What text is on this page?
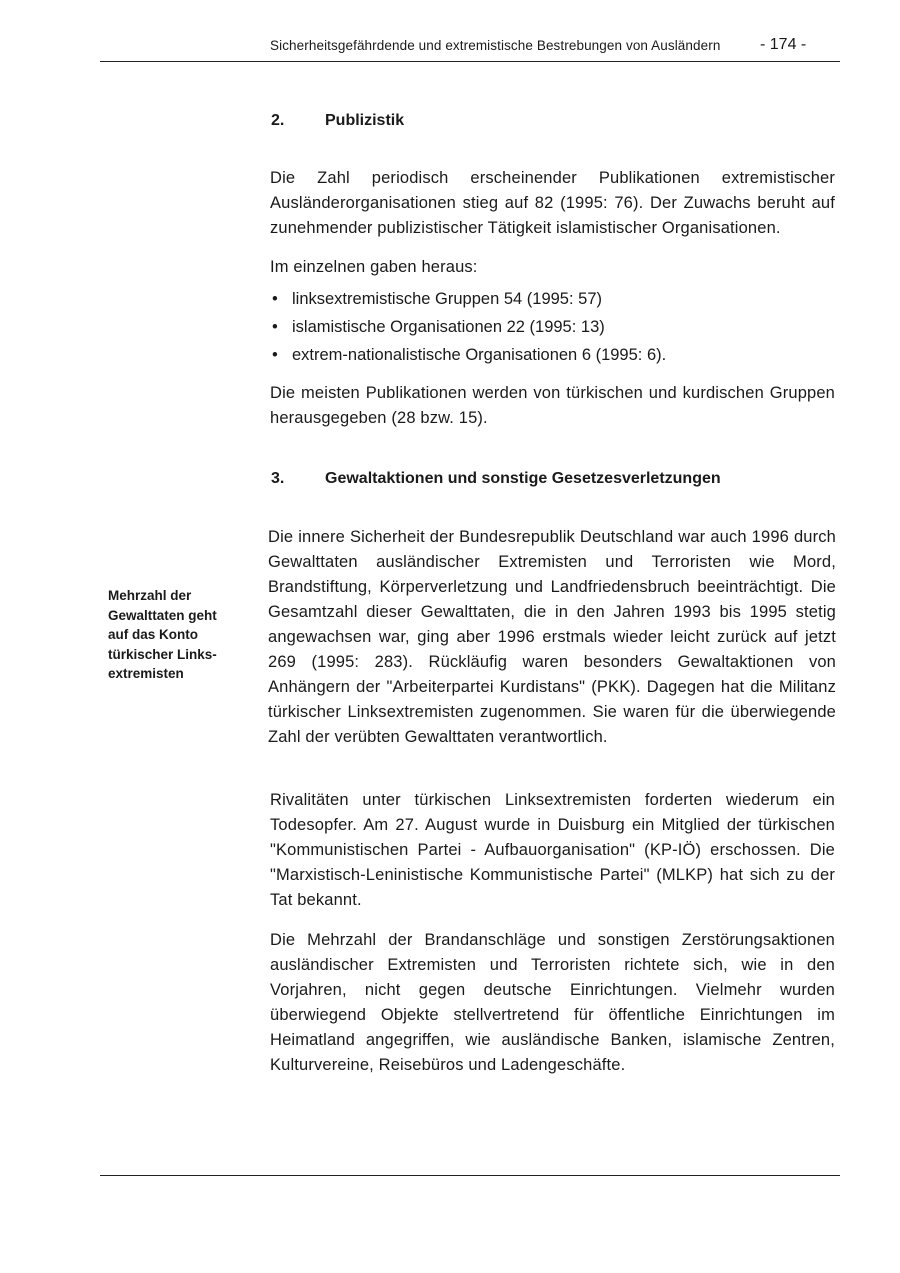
Sicherheitsgefährdende und extremistische Bestrebungen von Ausländern - 174 -
2.	Publizistik

Die Zahl periodisch erscheinender Publikationen extremistischer Ausländerorganisationen stieg auf 82 (1995: 76). Der Zuwachs beruht auf zunehmender publizistischer Tätigkeit islamistischer Organisationen.

Im einzelnen gaben heraus:

• linksextremistische Gruppen 54 (1995: 57)
• islamistische Organisationen 22 (1995: 13)
• extrem-nationalistische Organisationen 6 (1995: 6).

Die meisten Publikationen werden von türkischen und kurdischen Gruppen herausgegeben (28 bzw. 15).

3.	Gewaltaktionen und sonstige Gesetzesverletzungen

Mehrzahl der Gewalttaten geht auf das Konto türkischer Links-extremisten

Die innere Sicherheit der Bundesrepublik Deutschland war auch 1996 durch Gewalttaten ausländischer Extremisten und Terroristen wie Mord, Brandstiftung, Körperverletzung und Landfriedensbruch beeinträchtigt. Die Gesamtzahl dieser Gewalttaten, die in den Jahren 1993 bis 1995 stetig angewachsen war, ging aber 1996 erstmals wieder leicht zurück auf jetzt 269 (1995: 283). Rückläufig waren besonders Gewaltaktionen von Anhängern der "Arbeiterpartei Kurdistans" (PKK). Dagegen hat die Militanz türkischer Linksextremisten zugenommen. Sie waren für die überwiegende Zahl der verübten Gewalttaten verantwortlich.

Rivalitäten unter türkischen Linksextremisten forderten wiederum ein Todesopfer. Am 27. August wurde in Duisburg ein Mitglied der türkischen "Kommunistischen Partei - Aufbauorganisation" (KP-IÖ) erschossen. Die "Marxistisch-Leninistische Kommunistische Partei" (MLKP) hat sich zu der Tat bekannt.

Die Mehrzahl der Brandanschläge und sonstigen Zerstörungsaktionen ausländischer Extremisten und Terroristen richtete sich, wie in den Vorjahren, nicht gegen deutsche Einrichtungen. Vielmehr wurden überwiegend Objekte stellvertretend für öffentliche Einrichtungen im Heimatland angegriffen, wie ausländische Banken, islamische Zentren, Kulturvereine, Reisebüros und Ladengeschäfte.
